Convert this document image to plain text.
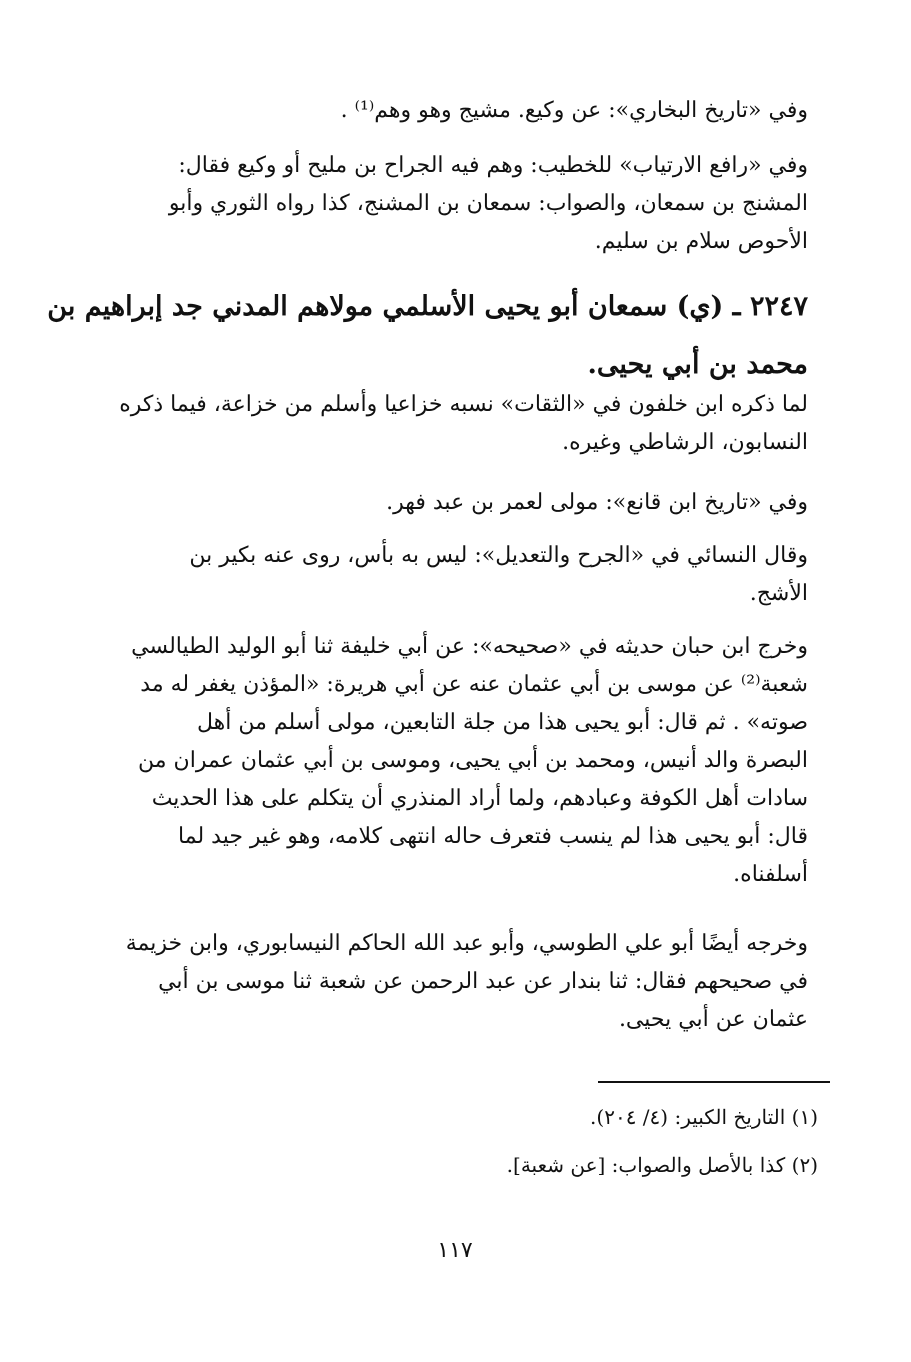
وفي «تاريخ البخاري»: عن وكيع. مشيج وهو وهم⁽¹⁾ .
وفي «رافع الارتياب» للخطيب: وهم فيه الجراح بن مليح أو وكيع فقال:
المشنج بن سمعان، والصواب: سمعان بن المشنج، كذا رواه الثوري وأبو
الأحوص سلام بن سليم.
٢٢٤٧ ـ (ي) سمعان أبو يحيى الأسلمي مولاهم المدني جد إبراهيم بن
محمد بن أبي يحيى.
لما ذكره ابن خلفون في «الثقات» نسبه خزاعيا وأسلم من خزاعة، فيما ذكره
النسابون، الرشاطي وغيره.
وفي «تاريخ ابن قانع»: مولى لعمر بن عبد فهر.
وقال النسائي في «الجرح والتعديل»: ليس به بأس، روى عنه بكير بن
الأشج.
وخرج ابن حبان حديثه في «صحيحه»: عن أبي خليفة ثنا أبو الوليد الطيالسي
شعبة⁽²⁾ عن موسى بن أبي عثمان عنه عن أبي هريرة: «المؤذن يغفر له مد
صوته» . ثم قال: أبو يحيى هذا من جلة التابعين، مولى أسلم من أهل
البصرة والد أنيس، ومحمد بن أبي يحيى، وموسى بن أبي عثمان عمران من
سادات أهل الكوفة وعبادهم، ولما أراد المنذري أن يتكلم على هذا الحديث
قال: أبو يحيى هذا لم ينسب فتعرف حاله انتهى كلامه، وهو غير جيد لما
أسلفناه.
وخرجه أيضًا أبو علي الطوسي، وأبو عبد الله الحاكم النيسابوري، وابن خزيمة
في صحيحهم فقال: ثنا بندار عن عبد الرحمن عن شعبة ثنا موسى بن أبي
عثمان عن أبي يحيى.
(١) التاريخ الكبير: (٤/ ٢٠٤).
(٢) كذا بالأصل والصواب: [عن شعبة].
١١٧
